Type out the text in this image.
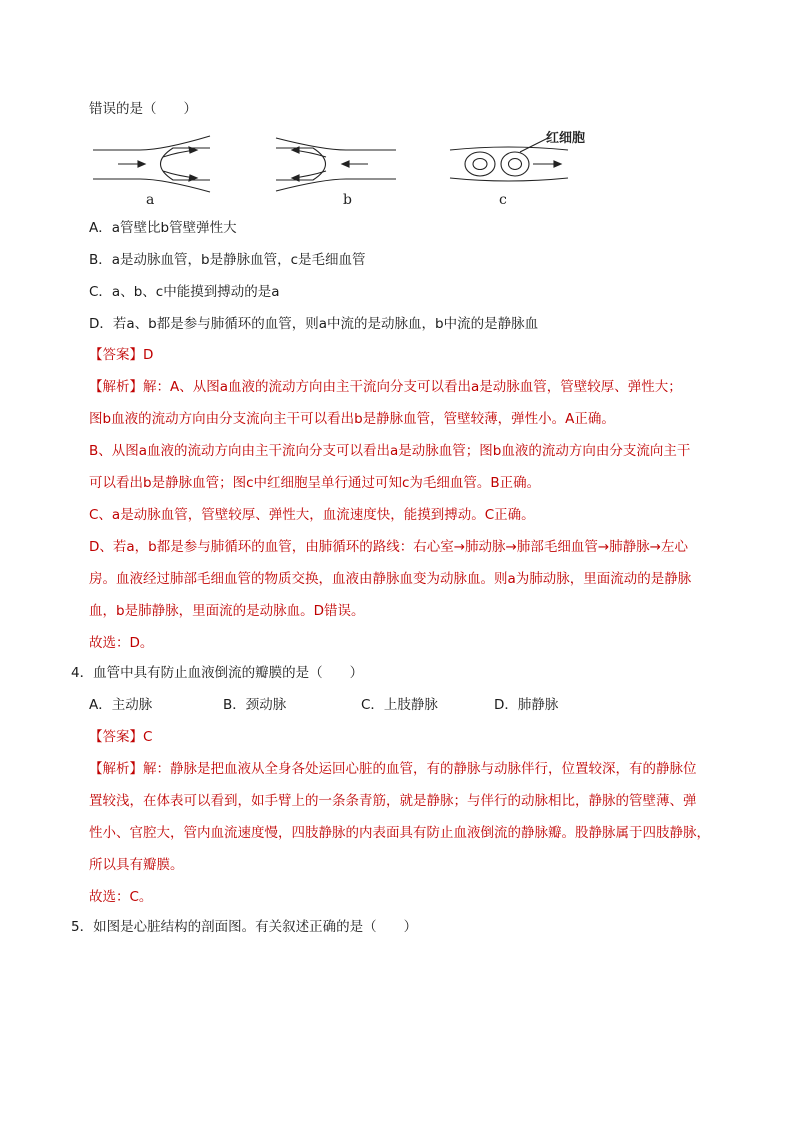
错误的是（　　）
a	b
红细胞
c
A．a管壁比b管壁弹性大
B．a是动脉血管，b是静脉血管，c是毛细血管
C．a、b、c中能摸到搏动的是a
D．若a、b都是参与肺循环的血管，则a中流的是动脉血，b中流的是静脉血
【答案】D
【解析】解：A、从图a血液的流动方向由主干流向分支可以看出a是动脉血管，管壁较厚、弹性大；
图b血液的流动方向由分支流向主干可以看出b是静脉血管，管壁较薄，弹性小。A正确。
B、从图a血液的流动方向由主干流向分支可以看出a是动脉血管；图b血液的流动方向由分支流向主干
可以看出b是静脉血管；图c中红细胞呈单行通过可知c为毛细血管。B正确。
C、a是动脉血管，管壁较厚、弹性大，血流速度快，能摸到搏动。C正确。
D、若a，b都是参与肺循环的血管，由肺循环的路线：右心室→肺动脉→肺部毛细血管→肺静脉→左心
房。血液经过肺部毛细血管的物质交换，血液由静脉血变为动脉血。则a为肺动脉，里面流动的是静脉
血，b是肺静脉，里面流的是动脉血。D错误。
故选：D。
4．血管中具有防止血液倒流的瓣膜的是（　　）
A．主动脉	B．颈动脉	C．上肢静脉	D．肺静脉
【答案】C
【解析】解：静脉是把血液从全身各处运回心脏的血管，有的静脉与动脉伴行，位置较深，有的静脉位
置较浅，在体表可以看到，如手臂上的一条条青筋，就是静脉；与伴行的动脉相比，静脉的管壁薄、弹
性小、官腔大，管内血流速度慢，四肢静脉的内表面具有防止血液倒流的静脉瓣。股静脉属于四肢静脉，
所以具有瓣膜。
故选：C。
5．如图是心脏结构的剖面图。有关叙述正确的是（　　）
